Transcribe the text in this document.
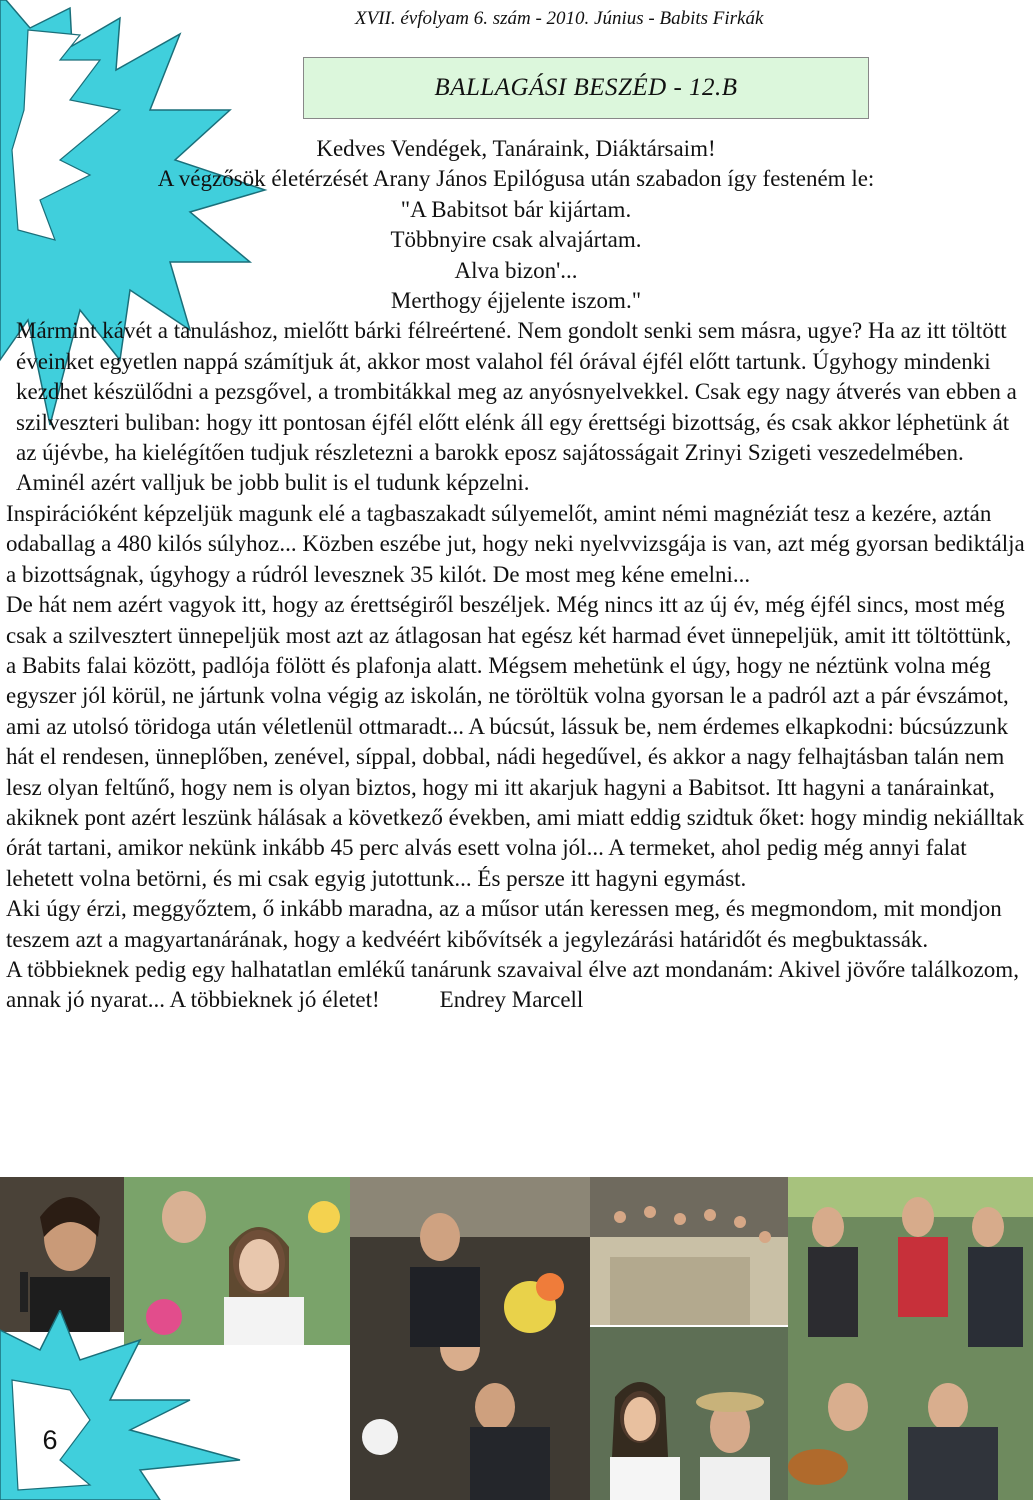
XVII. évfolyam 6. szám - 2010. Június - Babits Firkák
BALLAGÁSI BESZÉD - 12.B

Kedves Vendégek, Tanáraink, Diáktársaim!

A végzősök életérzését Arany János Epilógusa után szabadon így festeném le:

"A Babitsot bár kijártam.

Többnyire csak alvajártam.

Alva bizon'...

Merthogy éjjelente iszom."

Mármint kávét a tanuláshoz, mielőtt bárki félreértené. Nem gondolt senki sem másra, ugye? Ha az itt töltött éveinket egyetlen nappá számítjuk át, akkor most valahol fél órával éjfél előtt tartunk. Úgyhogy mindenki kezdhet készülődni a pezsgővel, a trombitákkal meg az anyósnyelvekkel. Csak egy nagy átverés van ebben a szilveszteri buliban: hogy itt pontosan éjfél előtt elénk áll egy érettségi bizottság, és csak akkor léphetünk át az újévbe, ha kielégítően tudjuk részletezni a barokk eposz sajátosságait Zrinyi Szigeti veszedelmében. Aminél azért valljuk be jobb bulit is el tudunk képzelni.

Inspirációként képzeljük magunk elé a tagbaszakadt súlyemelőt, amint némi magnéziát tesz a kezére, aztán odaballag a 480 kilós súlyhoz... Közben eszébe jut, hogy neki nyelvvizsgája is van, azt még gyorsan bediktálja a bizottságnak, úgyhogy a rúdról levesznek 35 kilót. De most meg kéne emelni...

De hát nem azért vagyok itt, hogy az érettségiről beszéljek. Még nincs itt az új év, még éjfél sincs, most még csak a szilvesztert ünnepeljük most azt az átlagosan hat egész két harmad évet ünnepeljük, amit itt töltöttünk, a Babits falai között, padlója fölött és plafonja alatt. Mégsem mehetünk el úgy, hogy ne néztünk volna még egyszer jól körül, ne jártunk volna végig az iskolán, ne töröltük volna gyorsan le a padról azt a pár évszámot, ami az utolsó töridoga után véletlenül ottmaradt... A búcsút, lássuk be, nem érdemes elkapkodni: búcsúzzunk hát el rendesen, ünneplőben, zenével, síppal, dobbal, nádi hegedűvel, és akkor a nagy felhajtásban talán nem lesz olyan feltűnő, hogy nem is olyan biztos, hogy mi itt akarjuk hagyni a Babitsot. Itt hagyni a tanárainkat, akiknek pont azért leszünk hálásak a következő években, ami miatt eddig szidtuk őket: hogy mindig nekiálltak órát tartani, amikor nekünk inkább 45 perc alvás esett volna jól... A termeket, ahol pedig még annyi falat lehetett volna betörni, és mi csak egyig jutottunk... És persze itt hagyni egymást.

Aki úgy érzi, meggyőztem, ő inkább maradna, az a műsor után keressen meg, és megmondom, mit mondjon teszem azt a magyartanárának, hogy a kedvéért kibővítsék a jegylezárási határidőt és megbuktassák.

A többieknek pedig egy halhatatlan emlékű tanárunk szavaival élve azt mondanám: Akivel jövőre találkozom, annak jó nyarat... A többieknek jó életet!	Endrey Marcell

6
